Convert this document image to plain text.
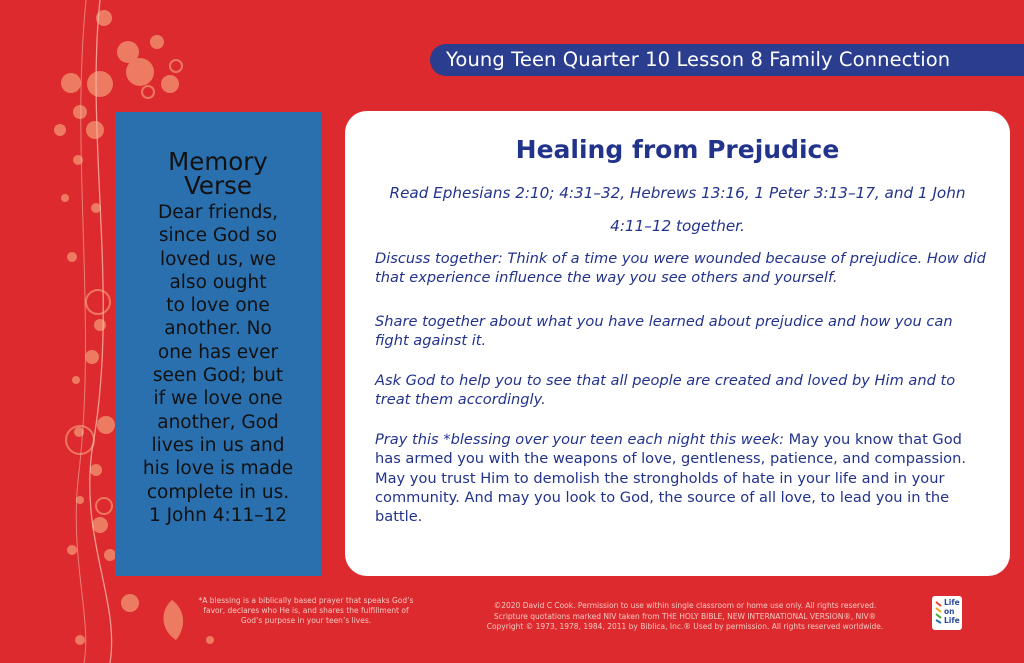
Young Teen Quarter 10 Lesson 8 Family Connection
Memory
Verse
Dear friends,
since God so
loved us, we
also ought
to love one
another. No
one has ever
seen God; but
if we love one
another, God
lives in us and
his love is made
complete in us.
1 John 4:11–12
Healing from Prejudice
Read Ephesians 2:10; 4:31–32, Hebrews 13:16, 1 Peter 3:13–17, and 1 John 4:11–12 together.
Discuss together: Think of a time you were wounded because of prejudice. How did that experience influence the way you see others and yourself.
Share together about what you have learned about prejudice and how you can fight against it.
Ask God to help you to see that all people are created and loved by Him and to treat them accordingly.
Pray this *blessing over your teen each night this week: May you know that God has armed you with the weapons of love, gentleness, patience, and compassion. May you trust Him to demolish the strongholds of hate in your life and in your community. And may you look to God, the source of all love, to lead you in the battle.
*A blessing is a biblically based prayer that speaks God’s favor, declares who He is, and shares the fulfillment of God’s purpose in your teen’s lives.
©2020 David C Cook. Permission to use within single classroom or home use only. All rights reserved.
Scripture quotations marked NIV taken from THE HOLY BIBLE, NEW INTERNATIONAL VERSION®, NIV®
Copyright © 1973, 1978, 1984, 2011 by Biblica, Inc.® Used by permission. All rights reserved worldwide.
Life
on
Life
